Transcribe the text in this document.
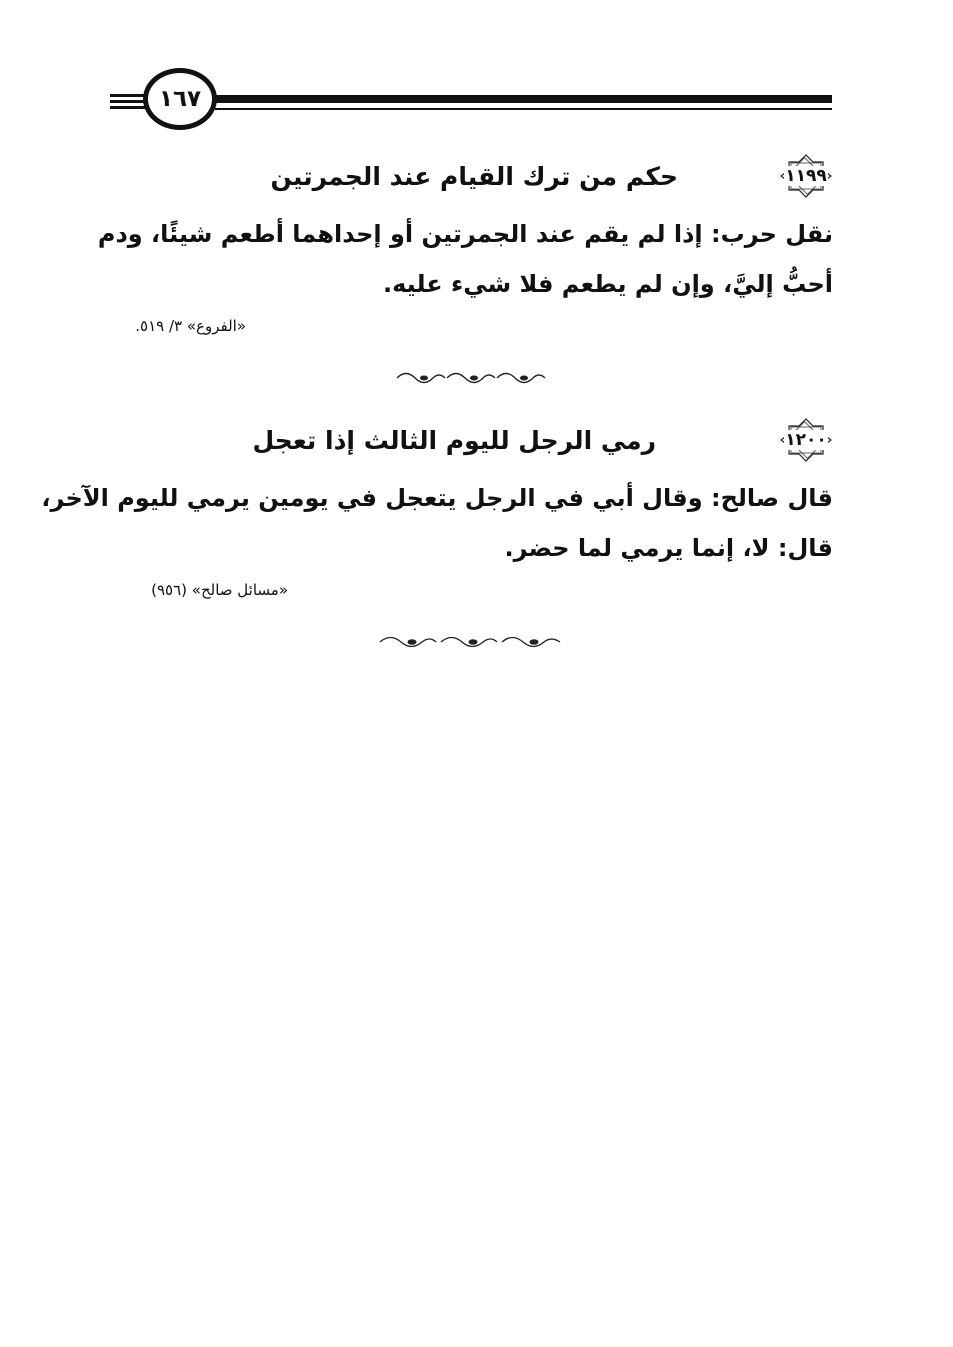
١٦٧
١١٩٩
حكم من ترك القيام عند الجمرتين
نقل حرب: إذا لم يقم عند الجمرتين أو إحداهما أطعم شيئًا، ودم
أحبُّ إليَّ، وإن لم يطعم فلا شيء عليه.
«الفروع» ٣/ ٥١٩.
١٢٠٠
رمي الرجل لليوم الثالث إذا تعجل
قال صالح: وقال أبي في الرجل يتعجل في يومين يرمي لليوم الآخر،
قال: لا، إنما يرمي لما حضر.
«مسائل صالح» (٩٥٦)
